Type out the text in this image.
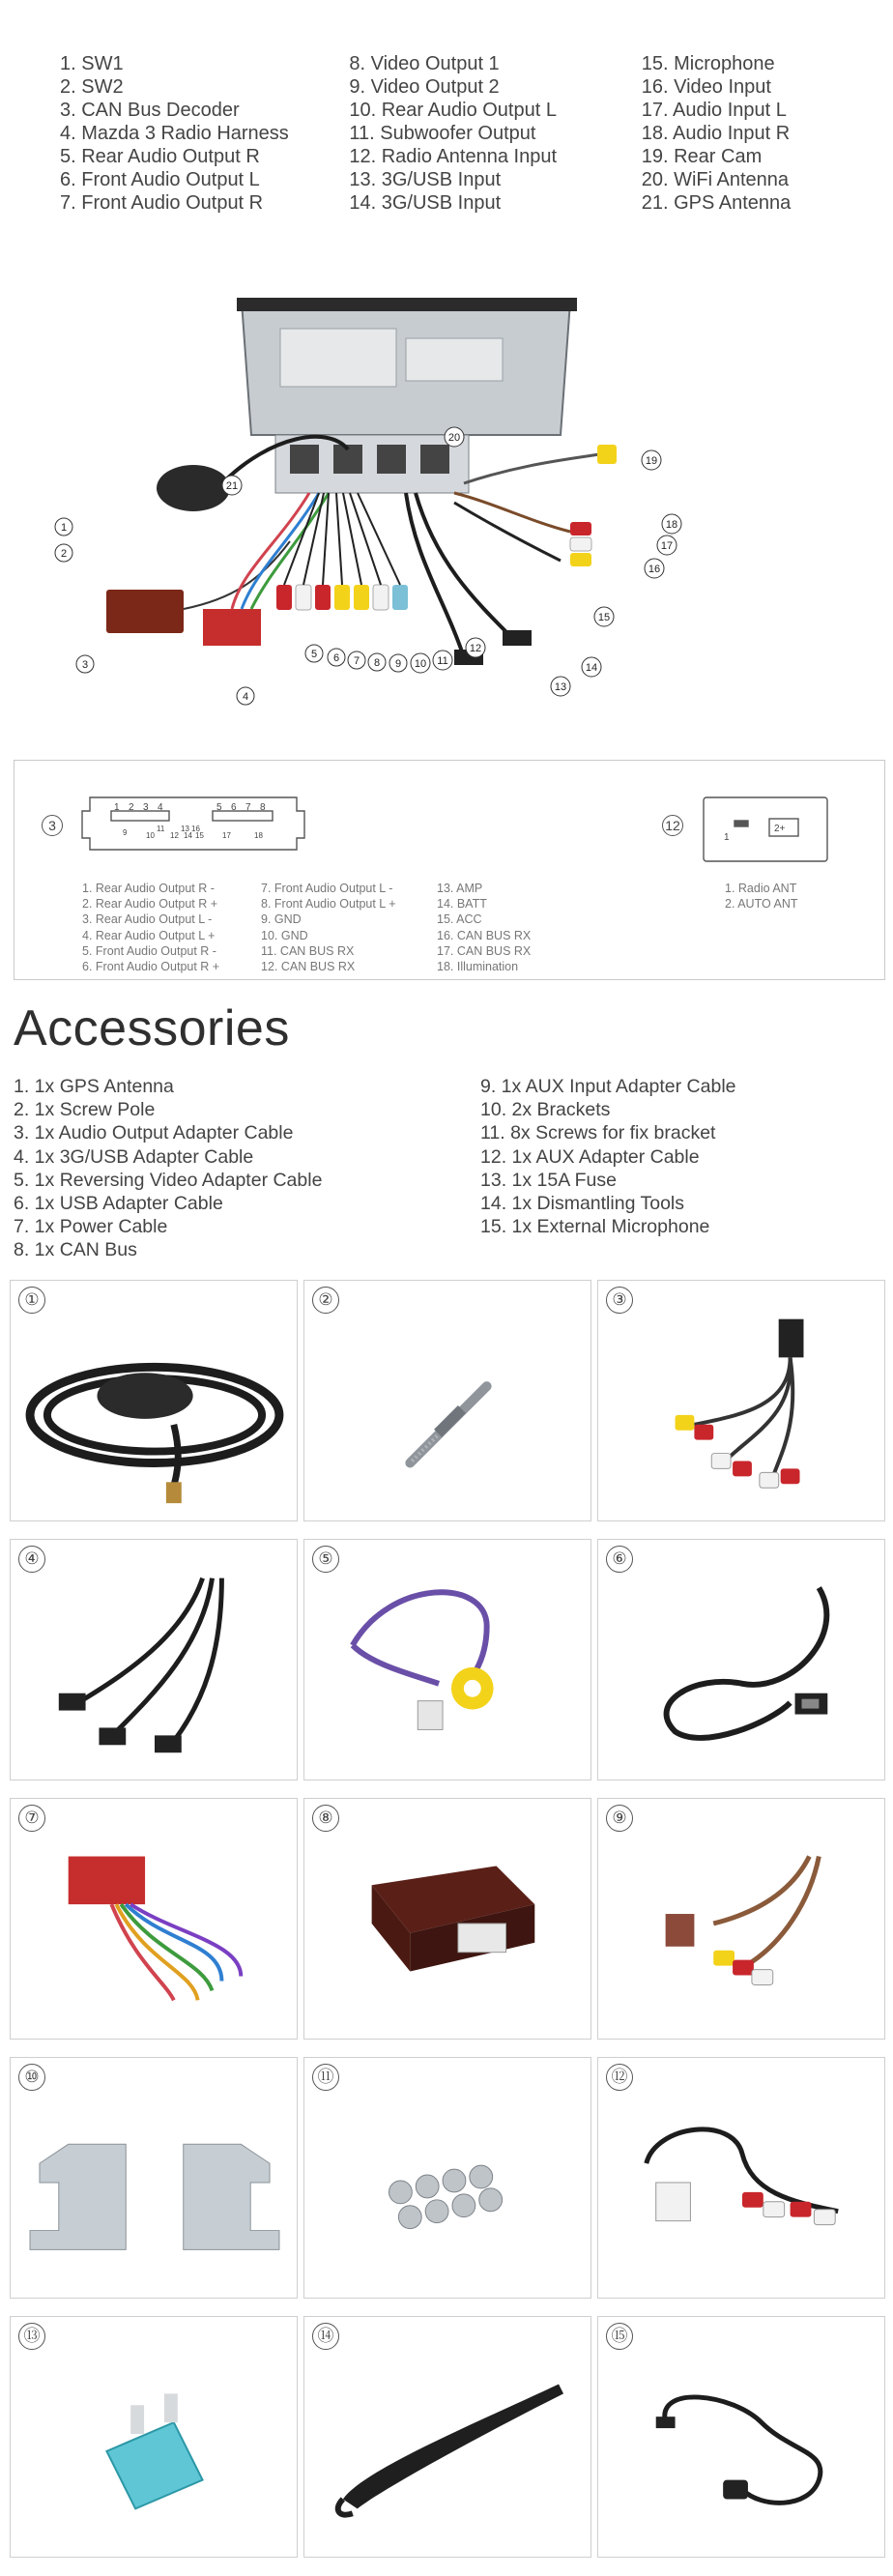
1. SW1
2. SW2
3. CAN Bus Decoder
4. Mazda 3 Radio Harness
5. Rear Audio Output R
6. Front Audio Output L
7. Front Audio Output R
8. Video Output 1
9. Video Output 2
10. Rear Audio Output L
11. Subwoofer Output
12. Radio Antenna Input
13. 3G/USB Input
14. 3G/USB Input
15. Microphone
16. Video Input
17. Audio Input L
18. Audio Input R
19. Rear Cam
20. WiFi Antenna
21. GPS Antenna
1
2
3
4
5 6 7 8 9 10 11
12
13
14
15
16
17
18
19
20
21
3	12
1 2 3 4	5 6 7 8
9 10
11
12
13
14 15
16
17	18	1
2+
1. Rear Audio Output R -
2. Rear Audio Output R +
3. Rear Audio Output L -
4. Rear Audio Output L +
5. Front Audio Output R -
6. Front Audio Output R +
7. Front Audio Output L -
8. Front Audio Output L +
9. GND
10. GND
11. CAN BUS RX
12. CAN BUS RX
13. AMP
14. BATT
15. ACC
16. CAN BUS RX
17. CAN BUS RX
18. Illumination
1. Radio ANT
2. AUTO ANT
Accessories
1. 1x GPS Antenna
2. 1x Screw Pole
3. 1x Audio Output Adapter Cable
4. 1x 3G/USB Adapter Cable
5. 1x Reversing Video Adapter Cable
6. 1x USB Adapter Cable
7. 1x Power Cable
8. 1x CAN Bus
9. 1x AUX Input Adapter Cable
10. 2x Brackets
11. 8x Screws for fix bracket
12. 1x AUX Adapter Cable
13. 1x 15A Fuse
14. 1x Dismantling Tools
15. 1x External Microphone
①	②	③
④	⑤	⑥
⑦	⑧	⑨
⑩	⑪	⑫
⑬	⑭	⑮
